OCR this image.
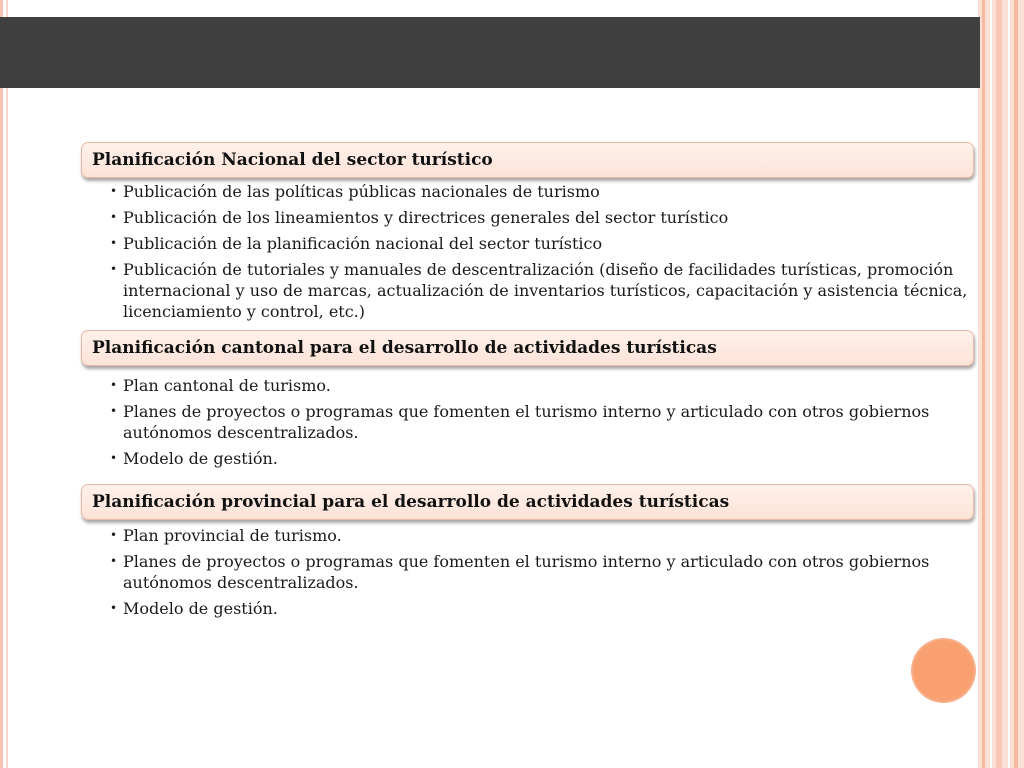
Planificación Nacional del sector turístico
• Publicación de las políticas públicas nacionales de turismo
• Publicación de los lineamientos y directrices generales del sector turístico
• Publicación de la planificación nacional del sector turístico
• Publicación de tutoriales y manuales de descentralización (diseño de facilidades turísticas, promoción internacional y uso de marcas, actualización de inventarios turísticos, capacitación y asistencia técnica, licenciamiento y control, etc.)
Planificación cantonal para el desarrollo de actividades turísticas
• Plan cantonal de turismo.
• Planes de proyectos o programas que fomenten el turismo interno y articulado con otros gobiernos autónomos descentralizados.
• Modelo de gestión.
Planificación provincial para el desarrollo de actividades turísticas
• Plan provincial de turismo.
• Planes de proyectos o programas que fomenten el turismo interno y articulado con otros gobiernos autónomos descentralizados.
• Modelo de gestión.
